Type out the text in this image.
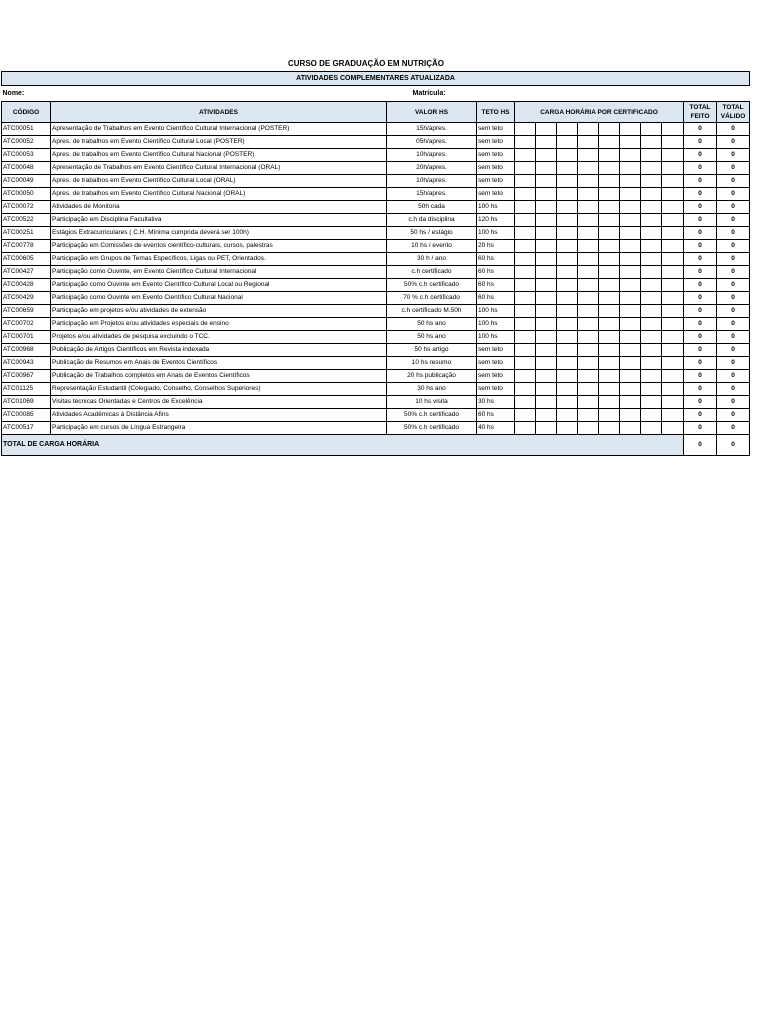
CURSO DE GRADUAÇÃO EM NUTRIÇÃO
ATIVIDADES COMPLEMENTARES ATUALIZADA													
Nome:		Matrícula:											
CÓDIGO	ATIVIDADES	VALOR HS	TETO HS	CARGA HORÁRIA POR CERTIFICADO								TOTAL FEITO	TOTAL VÁLIDO
ATC00051	Apresentação de Trabalhos em Evento Científico Cultural Internacional (POSTER)	15h/apres.	sem teto									0	0
ATC00052	Apres. de trabalhos em Evento Científico Cultural Local (POSTER)	05h/apres.	sem teto									0	0
ATC00053	Apres. de trabalhos em Evento Científico Cultural Nacional (POSTER)	10h/apres.	sem teto									0	0
ATC00048	Apresentação de Trabalhos em Evento Científico Cultural Internacional (ORAL)	20h/apres.	sem teto									0	0
ATC00049	Apres. de trabalhos em Evento Científico Cultural Local (ORAL)	10h/apres.	sem teto									0	0
ATC00050	Apres. de trabalhos em Evento Científico Cultural Nacional (ORAL)	15h/apres.	sem teto									0	0
ATC00072	Atividades de Monitoria	50h cada	100 hs									0	0
ATC00522	Participação em Disciplina Facultativa	c.h da disciplina	120 hs									0	0
ATC00251	Estágios Extracurriculares ( C.H. Mínima cumprida deverá ser 100h)	50 hs / estágio	100 hs									0	0
ATC00778	Participação em Comissões de eventos científico-culturais, cursos, palestras	10 hs / evento	20 hs									0	0
ATC00605	Participação em Grupos de Temas Específicos, Ligas ou PET, Orientados.	30 h / ano	60 hs									0	0
ATC00427	Participação como Ouvinte, em Evento Científico Cultural Internacional	c.h certificado	60 hs									0	0
ATC00428	Participação como Ouvinte em Evento Científico Cultural Local ou Regional	50% c.h certificado	60 hs									0	0
ATC00429	Participação como Ouvinte em Evento Científico Cultural Nacional	70 % c.h certificado	60 hs									0	0
ATC00659	Participação em projetos e/ou atividades de extensão	c.h certificado M.50h	100 hs									0	0
ATC00702	Participação em Projetos e/ou atividades especiais de ensino	50 hs ano	100 hs									0	0
ATC00701	Projetos e/ou atividades de pesquisa excluindo o TCC.	50 hs ano	100 hs									0	0
ATC00968	Publicação de Artigos Científicos em Revista indexada	50 hs artigo	sem teto									0	0
ATC00943	Publicação de Resumos em Anais de Eventos Científicos	10 hs resumo	sem teto									0	0
ATC00967	Publicação de Trabalhos completos em Anais de Eventos Científicos	20 hs publicação	sem teto									0	0
ATC01125	Representação Estudantil (Colegiado, Conselho, Conselhos Superiores)	30 hs ano	sem teto									0	0
ATC01069	Visitas técnicas Orientadas e Centros de Excelência	10 hs visita	30 hs									0	0
ATC00085	Atividades Acadêmicas à Distância Afins	50% c.h certificado	60 hs									0	0
ATC00517	Participação em cursos de Língua Estrangeira	50% c.h certificado	40 hs									0	0
TOTAL DE CARGA HORÁRIA												0	0
